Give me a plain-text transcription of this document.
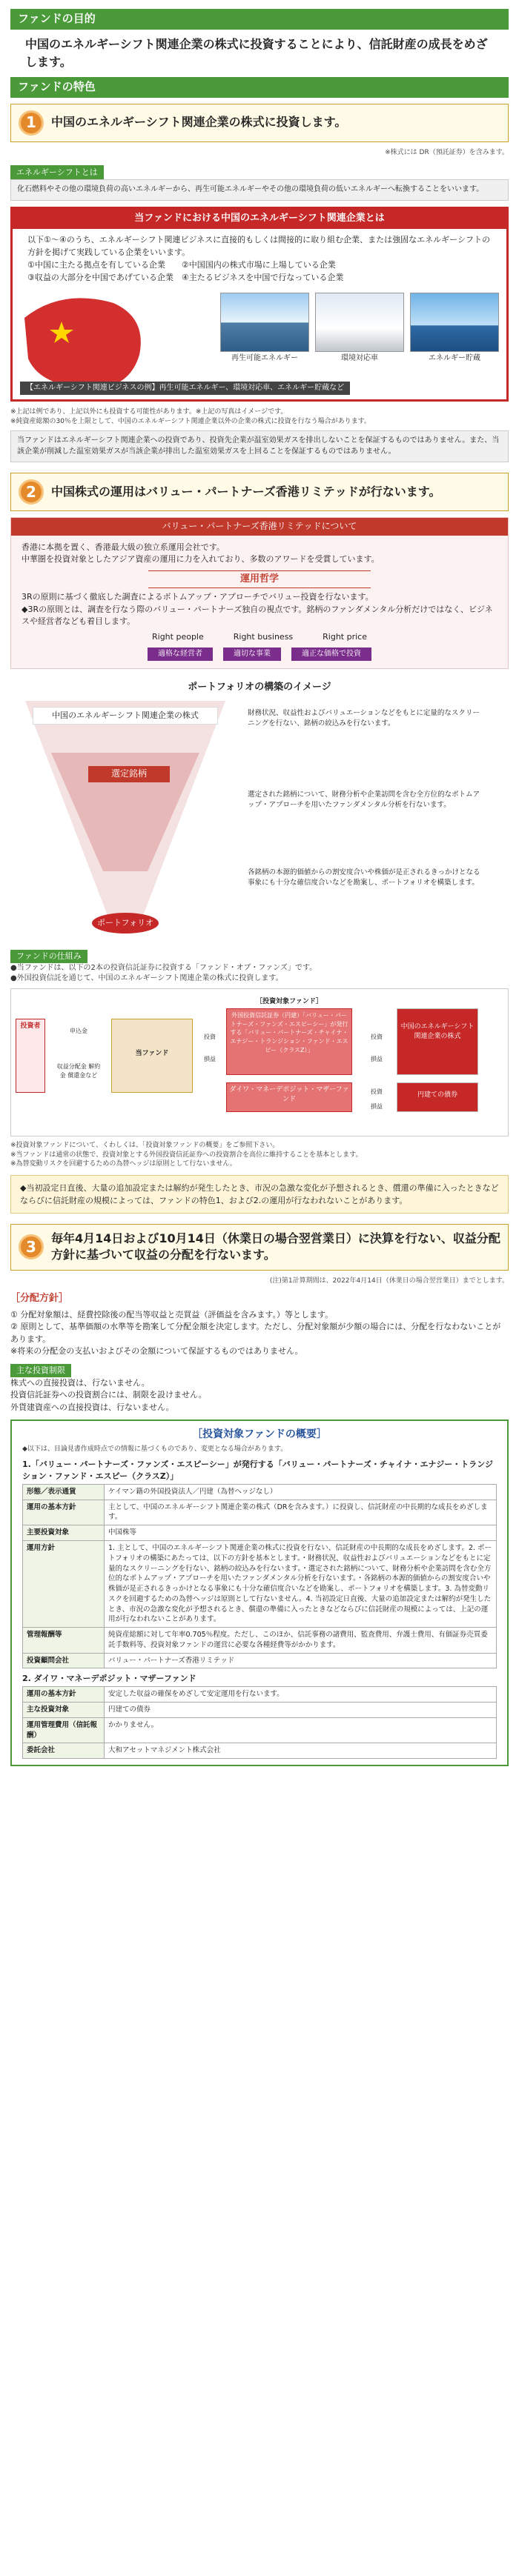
ファンドの目的
中国のエネルギーシフト関連企業の株式に投資することにより、信託財産の成長をめざします。
ファンドの特色
1	中国のエネルギーシフト関連企業の株式に投資します。
※株式には DR（預託証券）を含みます。
エネルギーシフトとは
化石燃料やその他の環境負荷の高いエネルギーから、再生可能エネルギーやその他の環境負荷の低いエネルギーへ転換することをいいます。
当ファンドにおける中国のエネルギーシフト関連企業とは
以下①～④のうち、エネルギーシフト関連ビジネスに直接的もしくは間接的に取り組む企業、または強固なエネルギーシフトの方針を掲げて実践している企業をいいます。
①中国に主たる拠点を有している企業　　②中国国内の株式市場に上場している企業
③収益の大部分を中国であげている企業　④主たるビジネスを中国で行なっている企業
再生可能エネルギー	環境対応車	エネルギー貯蔵
【エネルギーシフト関連ビジネスの例】再生可能エネルギー、環境対応車、エネルギー貯蔵など
※上記は例であり、上記以外にも投資する可能性があります。※上記の写真はイメージです。
※純資産総額の30％を上限として、中国のエネルギーシフト関連企業以外の企業の株式に投資を行なう場合があります。
当ファンドはエネルギーシフト関連企業への投資であり、投資先企業が温室効果ガスを排出しないことを保証するものではありません。また、当該企業が削減した温室効果ガスが当該企業が排出した温室効果ガスを上回ることを保証するものではありません。
2	中国株式の運用はバリュー・パートナーズ香港リミテッドが行ないます。
バリュー・パートナーズ香港リミテッドについて
香港に本拠を置く、香港最大級の独立系運用会社です。
中華圏を投資対象としたアジア資産の運用に力を入れており、多数のアワードを受賞しています。
運用哲学
3Rの原則に基づく徹底した調査によるボトムアップ・アプローチでバリュー投資を行ないます。
◆3Rの原則とは、調査を行なう際のバリュー・パートナーズ独自の視点です。銘柄のファンダメンタル分析だけではなく、ビジネスや経営者なども着目します。
Right people	Right business	Right price
適格な経営者	適切な事業	適正な価格で投資
ポートフォリオの構築のイメージ
中国のエネルギーシフト関連企業の株式
選定銘柄
ポートフォリオ
財務状況、収益性およびバリュエーションなどをもとに定量的なスクリーニングを行ない、銘柄の絞込みを行ないます。
選定された銘柄について、財務分析や企業訪問を含む全方位的なボトムアップ・アプローチを用いたファンダメンタル分析を行ないます。
各銘柄の本源的価値からの割安度合いや株価が是正されるきっかけとなる事象にも十分な確信度合いなどを勘案し、ポートフォリオを構築します。
ファンドの仕組み
●当ファンドは、以下の2本の投資信託証券に投資する「ファンド・オブ・ファンズ」です。
●外国投資信託を通じて、中国のエネルギーシフト関連企業の株式に投資します。
投資者
申込金
収益分配金 解約金 償還金など
当ファンド
［投資対象ファンド］
外国投資信託証券（円建）「バリュー・パートナーズ・ファンズ・エスピーシー」が発行する「バリュー・パートナーズ・チャイナ・エナジー・トランジション・ファンド・エスピー（クラスZ）」
ダイワ・マネーデポジット・マザーファンド
投資
損益
投資
損益
中国のエネルギーシフト関連企業の株式
円建ての債券
投資
損益
※投資対象ファンドについて、くわしくは、「投資対象ファンドの概要」をご参照下さい。
※当ファンドは通常の状態で、投資対象とする外国投資信託証券への投資割合を高位に維持することを基本とします。
※為替変動リスクを回避するための為替ヘッジは原則として行ないません。
◆当初設定日直後、大量の追加設定または解約が発生したとき、市況の急激な変化が予想されるとき、償還の準備に入ったときなどならびに信託財産の規模によっては、ファンドの特色1、および2.の運用が行なわれないことがあります。
3	毎年4月14日および10月14日（休業日の場合翌営業日）に決算を行ない、収益分配方針に基づいて収益の分配を行ないます。
(注)第1計算期間は、2022年4月14日（休業日の場合翌営業日）までとします。
［分配方針］
① 分配対象額は、経費控除後の配当等収益と売買益（評価益を含みます。）等とします。
② 原則として、基準価額の水準等を勘案して分配金額を決定します。ただし、分配対象額が少額の場合には、分配を行なわないことがあります。
※将来の分配金の支払いおよびその金額について保証するものではありません。
主な投資制限
株式への直接投資は、行ないません。
投資信託証券への投資割合には、制限を設けません。
外貨建資産への直接投資は、行ないません。
［投資対象ファンドの概要］
◆以下は、目論見書作成時点での情報に基づくものであり、変更となる場合があります。
1.「バリュー・パートナーズ・ファンズ・エスピーシー」が発行する「バリュー・パートナーズ・チャイナ・エナジー・トランジション・ファンド・エスピー（クラスZ）」
形態／表示通貨	ケイマン籍の外国投資法人／円建（為替ヘッジなし）
運用の基本方針	主として、中国のエネルギーシフト関連企業の株式（DRを含みます。）に投資し、信託財産の中長期的な成長をめざします。
主要投資対象	中国株等
運用方針	1. 主として、中国のエネルギーシフト関連企業の株式に投資を行ない、信託財産の中長期的な成長をめざします。2. ポートフォリオの構築にあたっては、以下の方針を基本とします。・財務状況、収益性およびバリュエーションなどをもとに定量的なスクリーニングを行ない、銘柄の絞込みを行ないます。・選定された銘柄について、財務分析や企業訪問を含む全方位的なボトムアップ・アプローチを用いたファンダメンタル分析を行ないます。・各銘柄の本源的価値からの割安度合いや株価が是正されるきっかけとなる事象にも十分な確信度合いなどを勘案し、ポートフォリオを構築します。3. 為替変動リスクを回避するための為替ヘッジは原則として行ないません。4. 当初設定日直後、大量の追加設定または解約が発生したとき、市況の急激な変化が予想されるとき、償還の準備に入ったときなどならびに信託財産の規模によっては、上記の運用が行なわれないことがあります。
管理報酬等	純資産総額に対して年率0.705％程度。ただし、このほか、信託事務の諸費用、監査費用、弁護士費用、有価証券売買委託手数料等、投資対象ファンドの運営に必要な各種経費等がかかります。
投資顧問会社	バリュー・パートナーズ香港リミテッド
2. ダイワ・マネーデポジット・マザーファンド
運用の基本方針	安定した収益の確保をめざして安定運用を行ないます。
主な投資対象	円建ての債券
運用管理費用（信託報酬）	かかりません。
委託会社	大和アセットマネジメント株式会社
